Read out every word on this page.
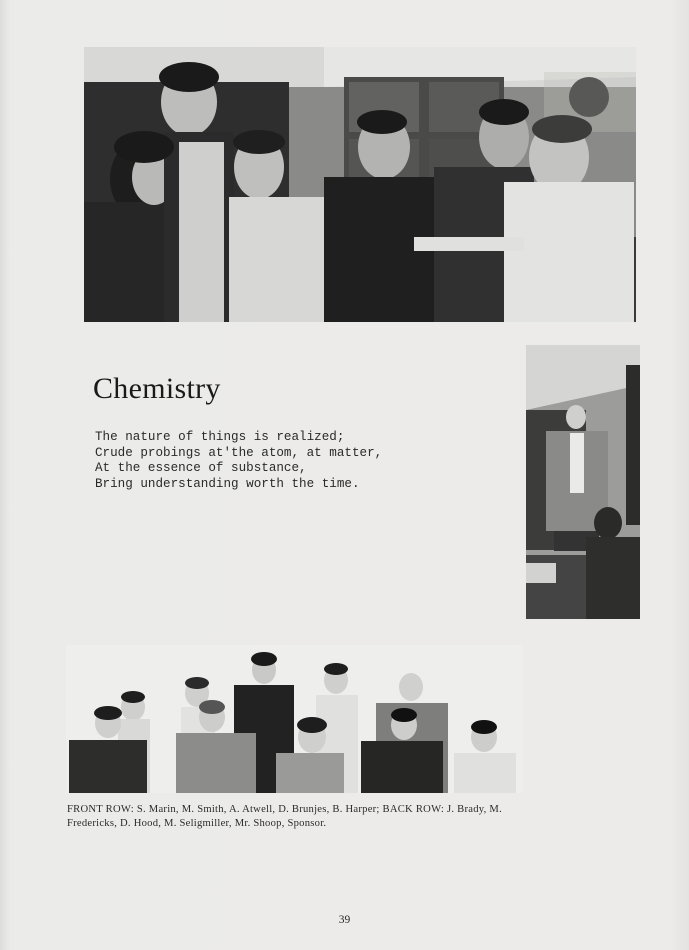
Chemistry
The nature of things is realized;
Crude probings at'the atom, at matter,
At the essence of substance,
Bring understanding worth the time.
FRONT ROW: S. Marin, M. Smith, A. Atwell, D. Brunjes, B. Harper; BACK ROW: J. Brady, M. Fredericks, D. Hood, M. Seligmiller, Mr. Shoop, Sponsor.
39
